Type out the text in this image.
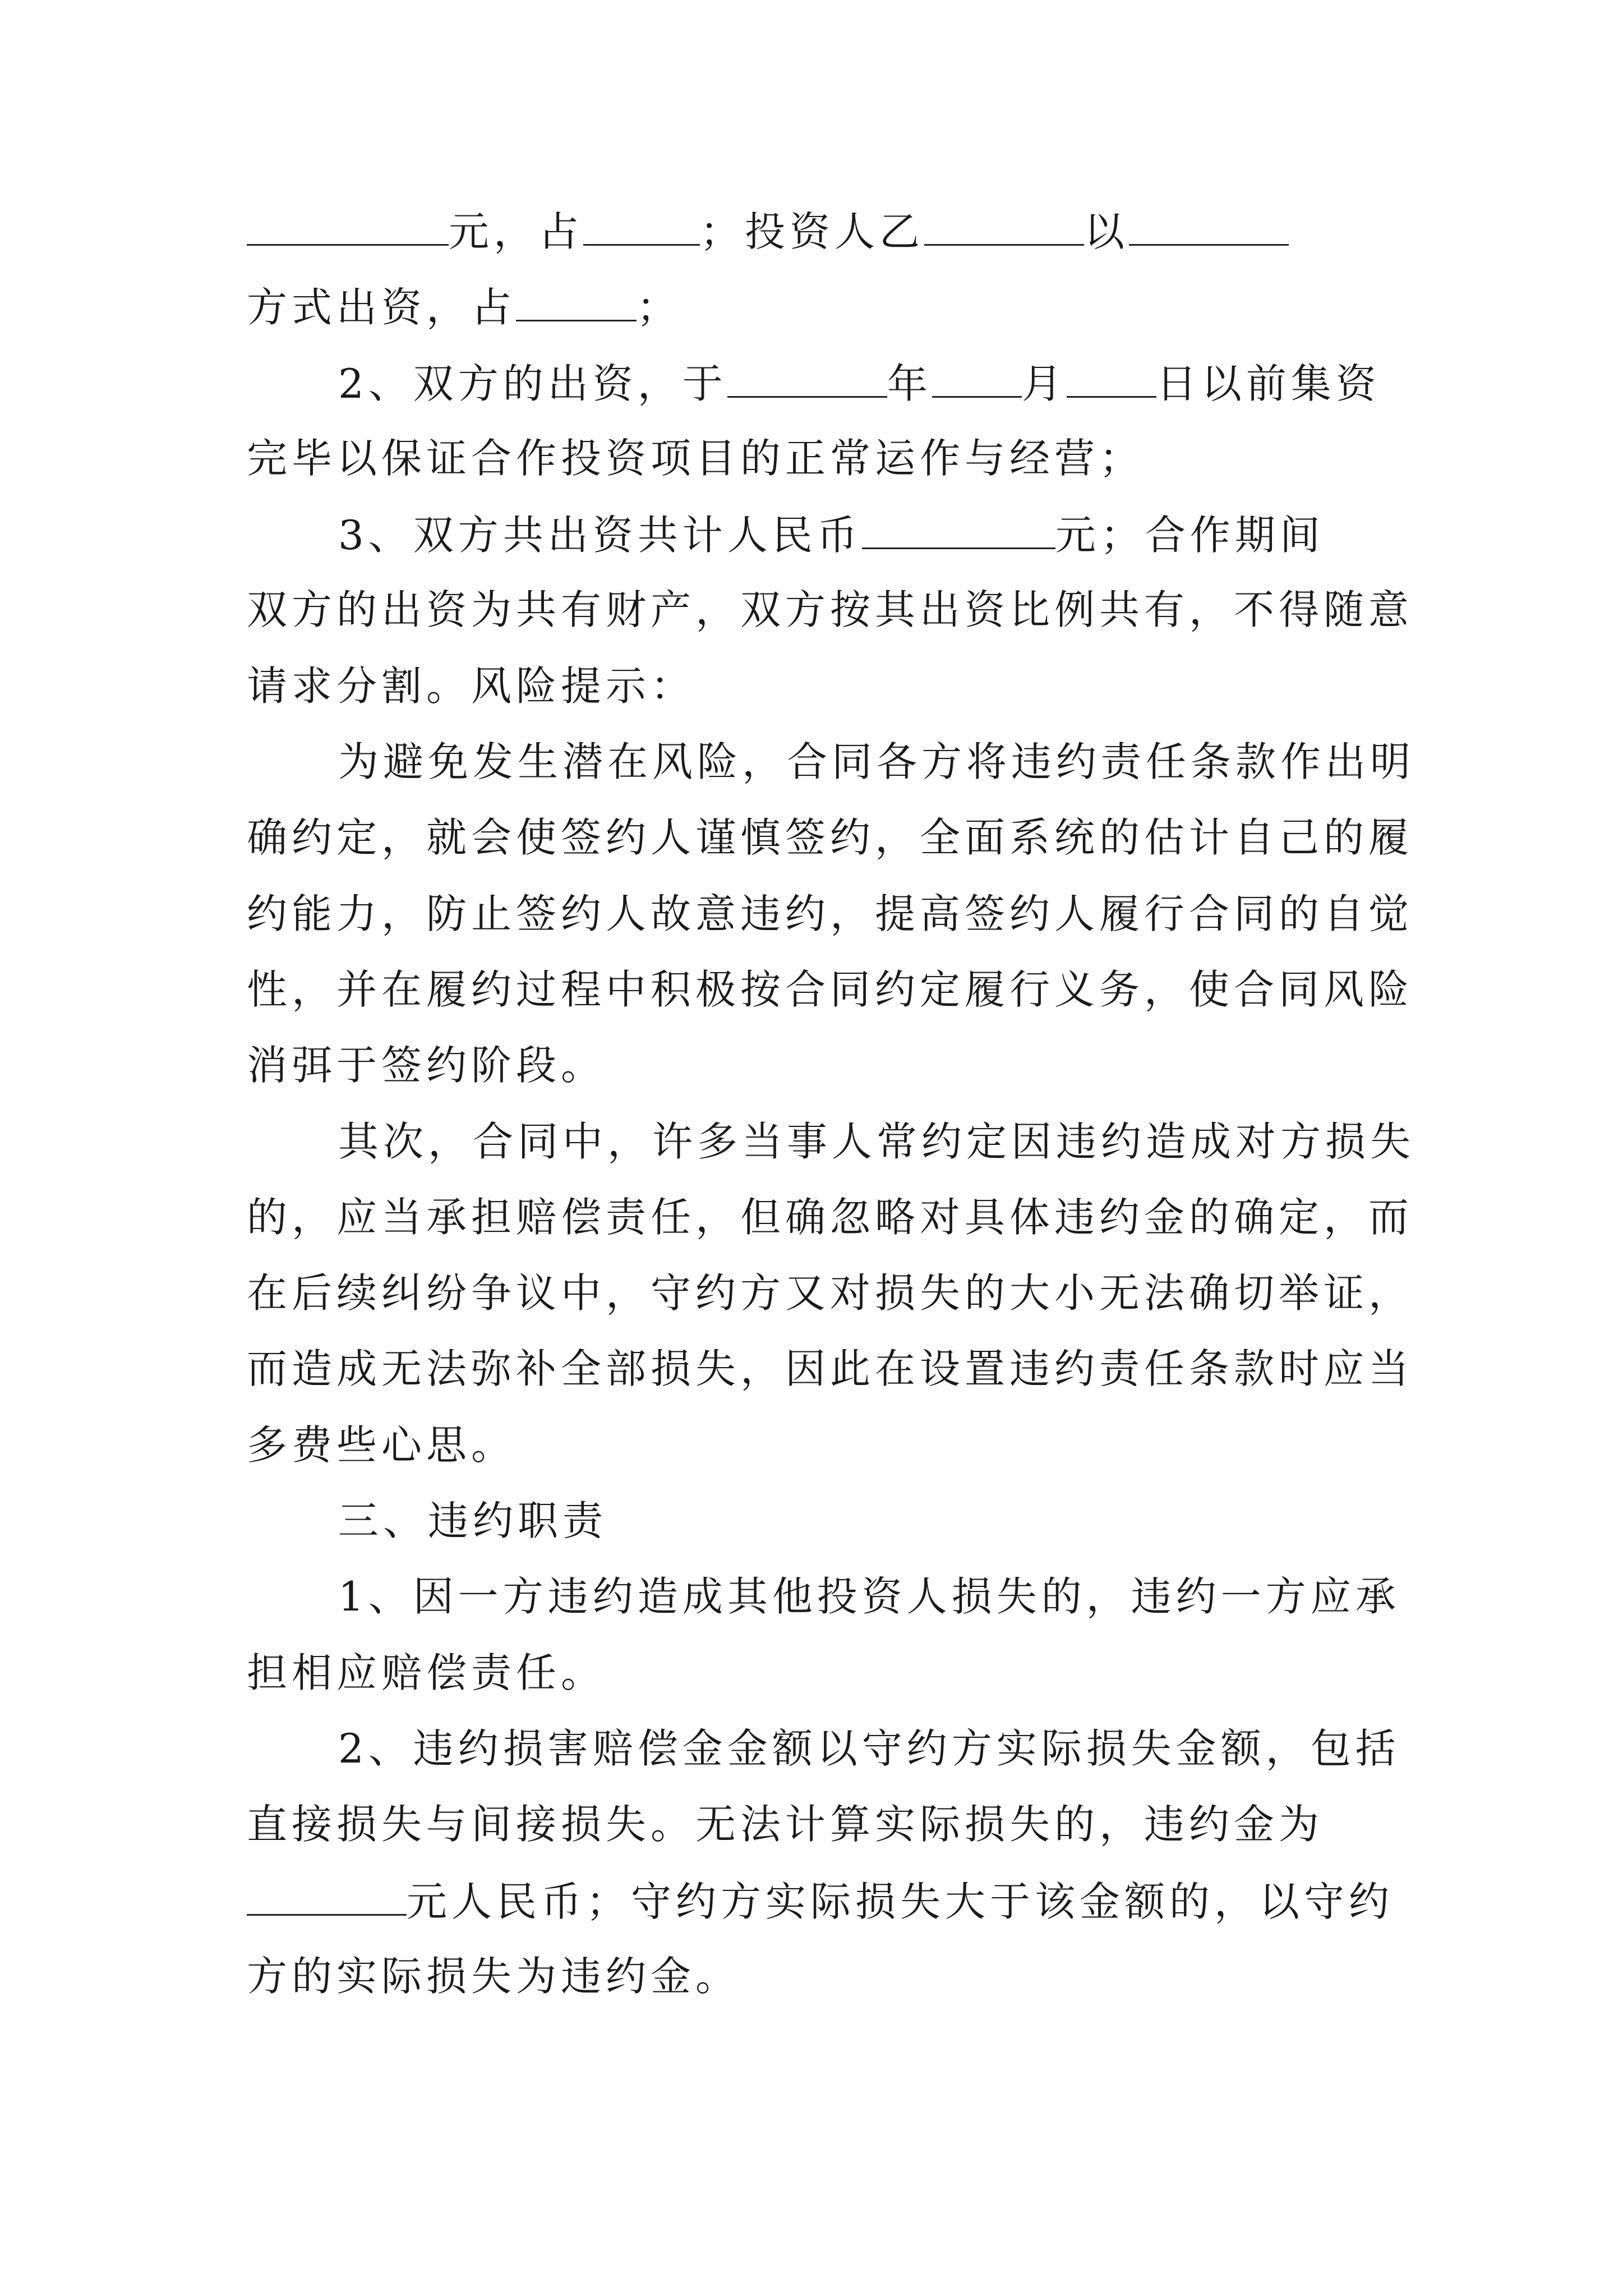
元，占	；投资人乙	以
方式出资，占	；
2、双方的出资，于	年 月 日以前集资
完毕以保证合作投资项目的正常运作与经营；
3、双方共出资共计人民币	元；合作期间
双方的出资为共有财产，双方按其出资比例共有，不得随意
请求分割。风险提示：
为避免发生潜在风险，合同各方将违约责任条款作出明
确约定，就会使签约人谨慎签约，全面系统的估计自己的履
约能力，防止签约人故意违约，提高签约人履行合同的自觉
性，并在履约过程中积极按合同约定履行义务，使合同风险
消弭于签约阶段。
其次，合同中，许多当事人常约定因违约造成对方损失
的，应当承担赔偿责任，但确忽略对具体违约金的确定，而
在后续纠纷争议中，守约方又对损失的大小无法确切举证，
而造成无法弥补全部损失，因此在设置违约责任条款时应当
多费些心思。
三、违约职责
1、因一方违约造成其他投资人损失的，违约一方应承
担相应赔偿责任。
2、违约损害赔偿金金额以守约方实际损失金额，包括
直接损失与间接损失。无法计算实际损失的，违约金为
元人民币；守约方实际损失大于该金额的，以守约
方的实际损失为违约金。
